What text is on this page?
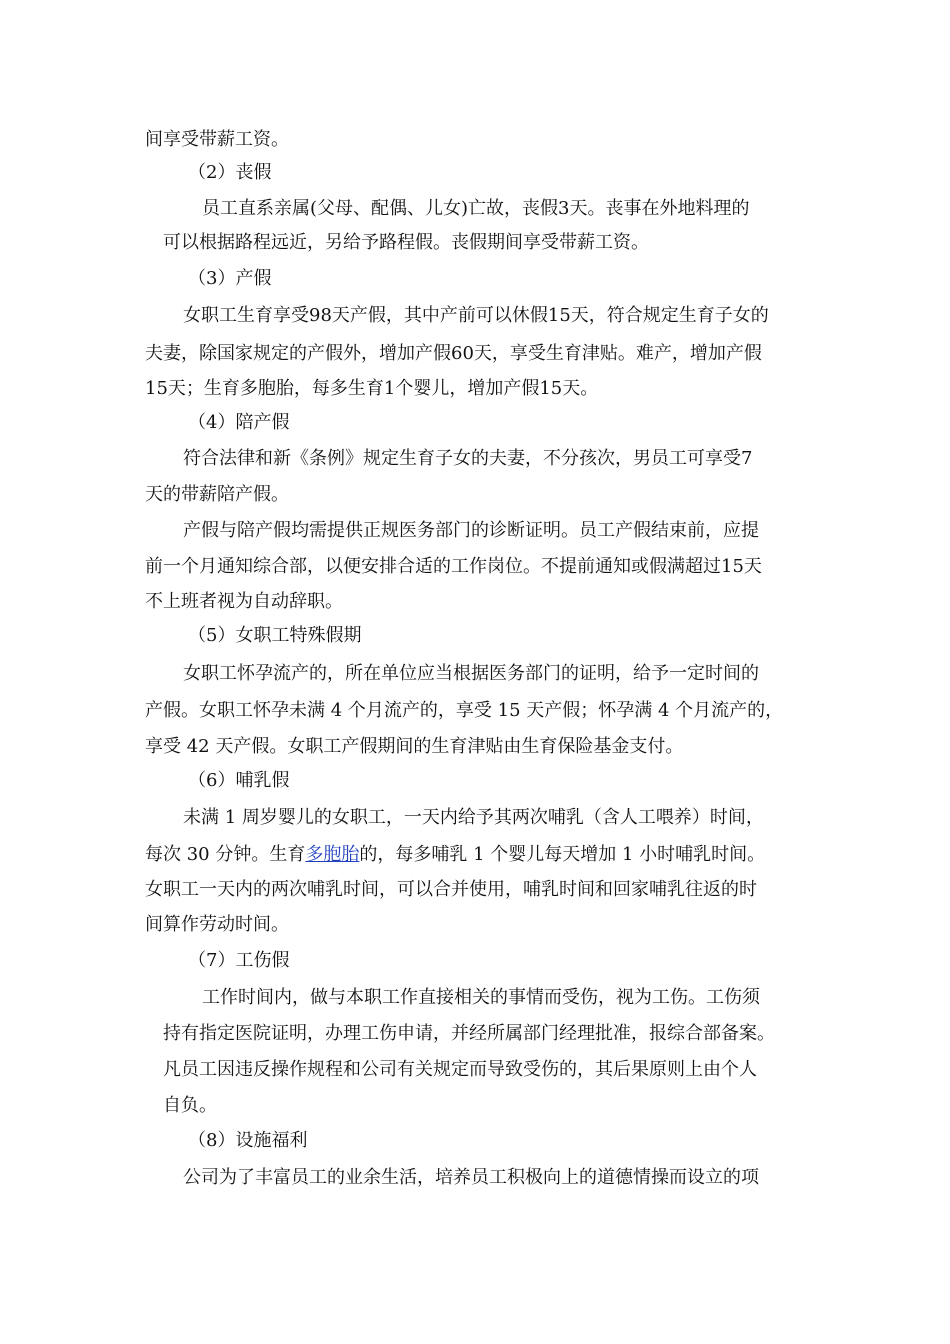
间享受带薪工资。
（2）丧假
员工直系亲属(父母、配偶、儿女)亡故，丧假3天。丧事在外地料理的
可以根据路程远近，另给予路程假。丧假期间享受带薪工资。
（3）产假
女职工生育享受98天产假，其中产前可以休假15天，符合规定生育子女的
夫妻，除国家规定的产假外，增加产假60天，享受生育津贴。难产，增加产假
15天；生育多胞胎，每多生育1个婴儿，增加产假15天。
（4）陪产假
符合法律和新《条例》规定生育子女的夫妻，不分孩次，男员工可享受7
天的带薪陪产假。
产假与陪产假均需提供正规医务部门的诊断证明。员工产假结束前，应提
前一个月通知综合部，以便安排合适的工作岗位。不提前通知或假满超过15天
不上班者视为自动辞职。
（5）女职工特殊假期
女职工怀孕流产的，所在单位应当根据医务部门的证明，给予一定时间的
产假。女职工怀孕未满 4 个月流产的，享受 15 天产假；怀孕满 4 个月流产的，
享受 42 天产假。女职工产假期间的生育津贴由生育保险基金支付。
（6）哺乳假
未满 1 周岁婴儿的女职工，一天内给予其两次哺乳（含人工喂养）时间，
每次 30 分钟。生育多胞胎的，每多哺乳 1 个婴儿每天增加 1 小时哺乳时间。
女职工一天内的两次哺乳时间，可以合并使用，哺乳时间和回家哺乳往返的时
间算作劳动时间。
（7）工伤假
工作时间内，做与本职工作直接相关的事情而受伤，视为工伤。工伤须
持有指定医院证明，办理工伤申请，并经所属部门经理批准，报综合部备案。
凡员工因违反操作规程和公司有关规定而导致受伤的，其后果原则上由个人
自负。
（8）设施福利
公司为了丰富员工的业余生活，培养员工积极向上的道德情操而设立的项
